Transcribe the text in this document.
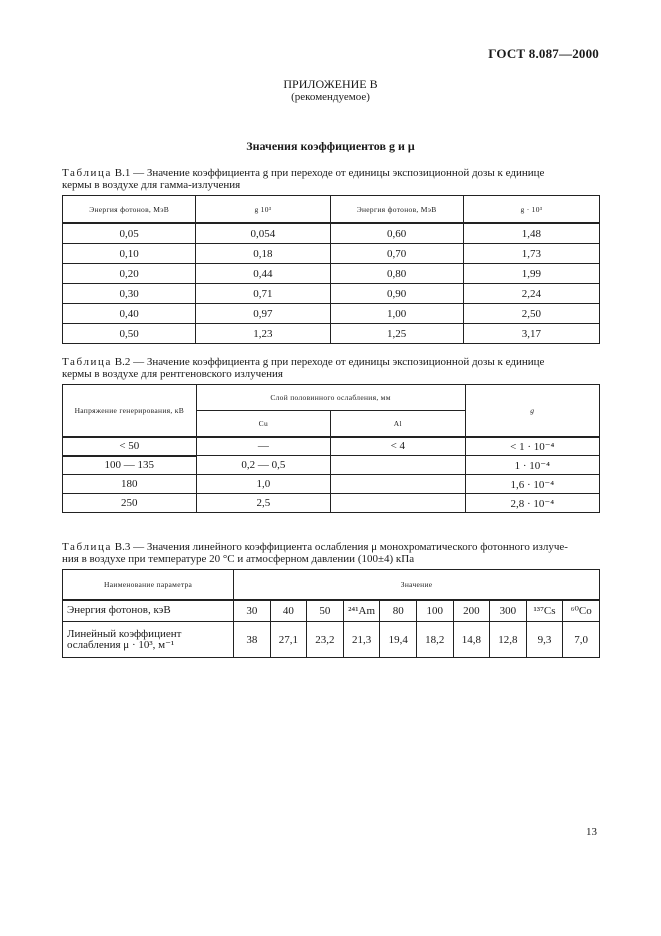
ГОСТ 8.087—2000
ПРИЛОЖЕНИЕ В
(рекомендуемое)
Значения коэффициентов g и μ
Таблица В.1 — Значение коэффициента g при переходе от единицы экспозиционной дозы к единице
кермы в воздухе для гамма-излучения
Энергия фотонов, МэВ	g 10³	Энергия фотонов, МэВ	g · 10³
0,05	0,054	0,60	1,48
0,10	0,18	0,70	1,73
0,20	0,44	0,80	1,99
0,30	0,71	0,90	2,24
0,40	0,97	1,00	2,50
0,50	1,23	1,25	3,17
Таблица В.2 — Значение коэффициента g при переходе от единицы экспозиционной дозы к единице
кермы в воздухе для рентгеновского излучения
Напряжение генерирования, кВ	Слой половинного ослабления, мм		g
	Cu	Al	
< 50	—	< 4	< 1 · 10⁻⁴
100 — 135	0,2 — 0,5		1 · 10⁻⁴
180	1,0		1,6 · 10⁻⁴
250	2,5		2,8 · 10⁻⁴
Таблица В.3 — Значения линейного коэффициента ослабления μ монохроматического фотонного излуче-
ния в воздухе при температуре 20 °С и атмосферном давлении (100±4) кПа
Наименование параметра	Значение									
Энергия фотонов, кэВ	30	40	50	²⁴¹Am	80	100	200	300	¹³⁷Cs	⁶⁰Co
Линейный коэффициент ослабления μ · 10³, м⁻¹	38	27,1	23,2	21,3	19,4	18,2	14,8	12,8	9,3	7,0
13
